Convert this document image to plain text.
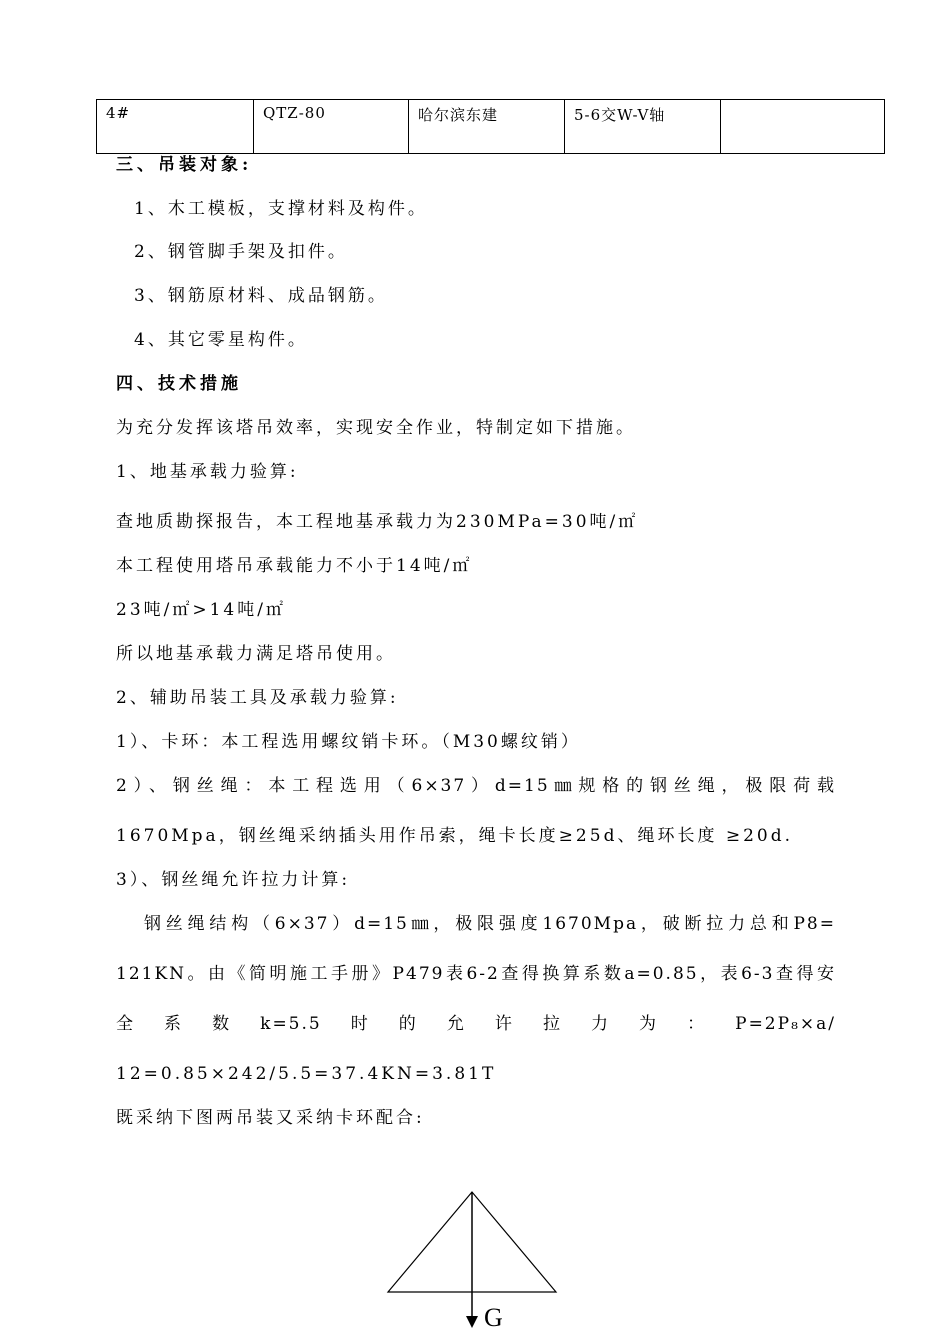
4#	QTZ-80	哈尔滨东建	5-6交W-V轴	
三、吊装对象:
1、木工模板，支撑材料及构件。
2、钢管脚手架及扣件。
3、钢筋原材料、成品钢筋。
4、其它零星构件。
四、技术措施
为充分发挥该塔吊效率，实现安全作业，特制定如下措施。
1、地基承载力验算:
查地质勘探报告，本工程地基承载力为230MPa=30吨/㎡
本工程使用塔吊承载能力不小于14吨/㎡
23吨/㎡>14吨/㎡
所以地基承载力满足塔吊使用。
2、辅助吊装工具及承载力验算:
1）、卡环：本工程选用螺纹销卡环。（M30螺纹销）
2）、钢丝绳：本工程选用（6×37）d=15㎜规格的钢丝绳，极限荷载
1670Mpa，钢丝绳采纳插头用作吊索，绳卡长度≥25d、绳环长度 ≥20d.
3）、钢丝绳允许拉力计算:
钢丝绳结构（6×37）d=15㎜，极限强度1670Mpa，破断拉力总和P8=
121KN。由《简明施工手册》P479表6-2查得换算系数a=0.85，表6-3查得安
全系数k=5.5时的允许拉力为：P=2P₈×a/
12=0.85×242/5.5=37.4KN=3.81T
既采纳下图两吊装又采纳卡环配合:
G
